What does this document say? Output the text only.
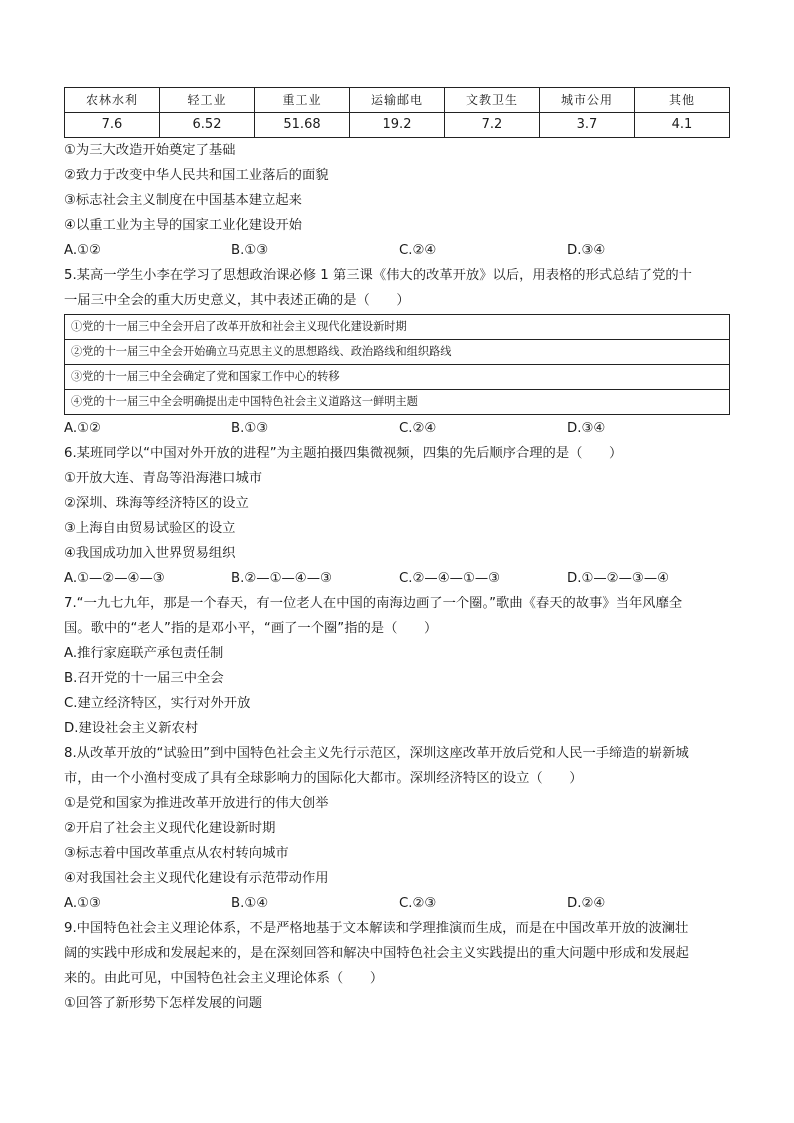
农林水利	轻工业	重工业	运输邮电	文教卫生	城市公用	其他
7.6	6.52	51.68	19.2	7.2	3.7	4.1
①为三大改造开始奠定了基础
②致力于改变中华人民共和国工业落后的面貌
③标志社会主义制度在中国基本建立起来
④以重工业为主导的国家工业化建设开始
A.①②	B.①③	C.②④	D.③④
5.某高一学生小李在学习了思想政治课必修 1 第三课《伟大的改革开放》以后，用表格的形式总结了党的十
一届三中全会的重大历史意义，其中表述正确的是（　　）
①党的十一届三中全会开启了改革开放和社会主义现代化建设新时期
②党的十一届三中全会开始确立马克思主义的思想路线、政治路线和组织路线
③党的十一届三中全会确定了党和国家工作中心的转移
④党的十一届三中全会明确提出走中国特色社会主义道路这一鲜明主题
A.①②	B.①③	C.②④	D.③④
6.某班同学以“中国对外开放的进程”为主题拍摄四集微视频，四集的先后顺序合理的是（　　）
①开放大连、青岛等沿海港口城市
②深圳、珠海等经济特区的设立
③上海自由贸易试验区的设立
④我国成功加入世界贸易组织
A.①—②—④—③	B.②—①—④—③	C.②—④—①—③	D.①—②—③—④
7.“一九七九年，那是一个春天，有一位老人在中国的南海边画了一个圈。”歌曲《春天的故事》当年风靡全
国。歌中的“老人”指的是邓小平，“画了一个圈”指的是（　　）
A.推行家庭联产承包责任制
B.召开党的十一届三中全会
C.建立经济特区，实行对外开放
D.建设社会主义新农村
8.从改革开放的“试验田”到中国特色社会主义先行示范区，深圳这座改革开放后党和人民一手缔造的崭新城
市，由一个小渔村变成了具有全球影响力的国际化大都市。深圳经济特区的设立（　　）
①是党和国家为推进改革开放进行的伟大创举
②开启了社会主义现代化建设新时期
③标志着中国改革重点从农村转向城市
④对我国社会主义现代化建设有示范带动作用
A.①③	B.①④	C.②③	D.②④
9.中国特色社会主义理论体系，不是严格地基于文本解读和学理推演而生成，而是在中国改革开放的波澜壮
阔的实践中形成和发展起来的，是在深刻回答和解决中国特色社会主义实践提出的重大问题中形成和发展起
来的。由此可见，中国特色社会主义理论体系（　　）
①回答了新形势下怎样发展的问题
